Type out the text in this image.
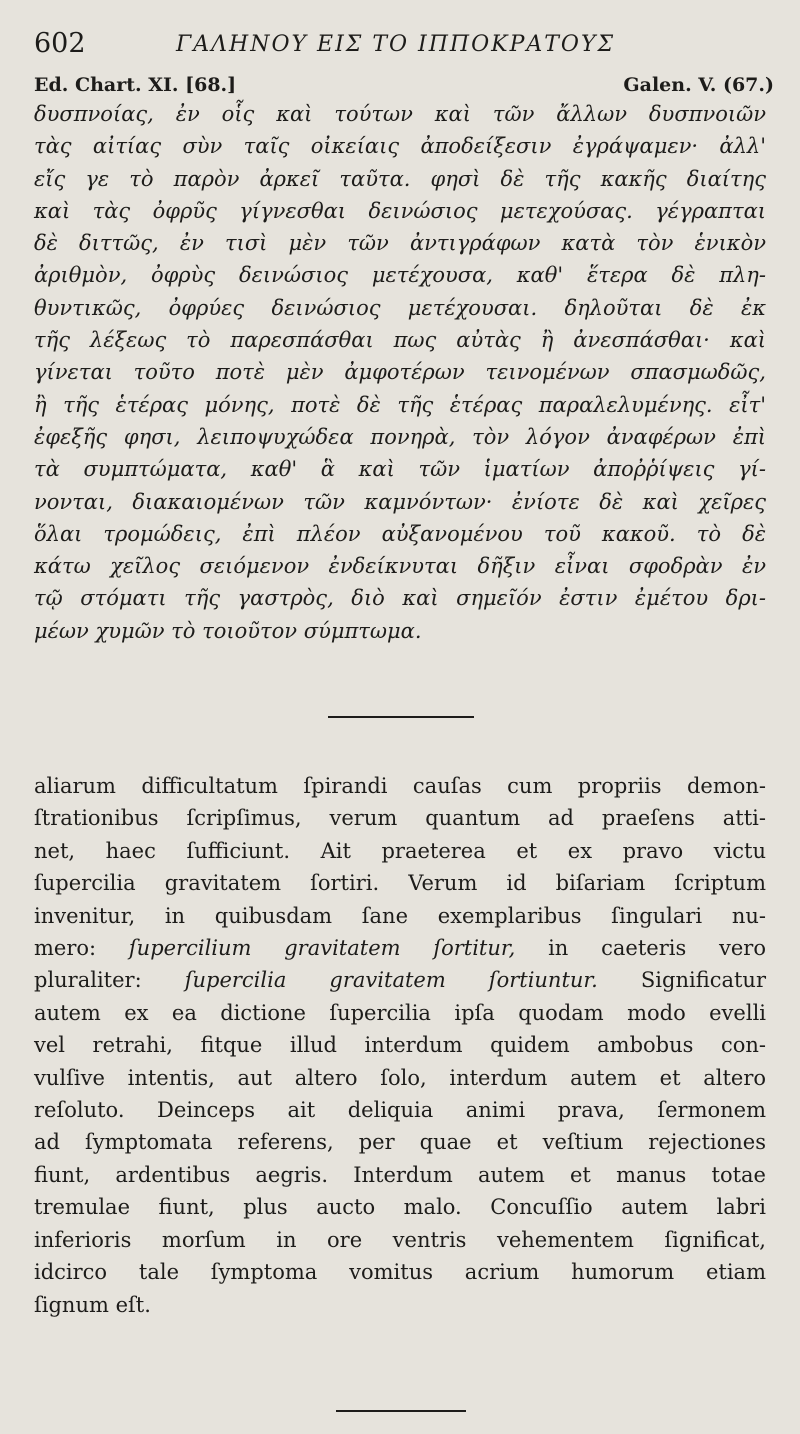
602	ΓΑΛΗΝΟΥ ΕΙΣ ΤΟ ΙΠΠΟΚΡΑΤΟΥΣ
Ed. Chart. XI. [68.]	Galen. V. (67.)
δυσπνοίας, ἐν οἷς καὶ τούτων καὶ τῶν ἄλλων δυσπνοιῶν
τὰς αἰτίας σὺν ταῖς οἰκείαις ἀποδείξεσιν ἐγράψαμεν· ἀλλ'
εἴς γε τὸ παρὸν ἀρκεῖ ταῦτα. φησὶ δὲ τῆς κακῆς διαίτης
καὶ τὰς ὀφρῦς γίγνεσθαι δεινώσιος μετεχούσας. γέγραπται
δὲ διττῶς, ἐν τισὶ μὲν τῶν ἀντιγράφων κατὰ τὸν ἑνικὸν
ἀριθμὸν, ὀφρὺς δεινώσιος μετέχουσα, καθ' ἕτερα δὲ πλη-
θυντικῶς, ὀφρύες δεινώσιος μετέχουσαι. δηλοῦται δὲ ἐκ
τῆς λέξεως τὸ παρεσπάσθαι πως αὐτὰς ἢ ἀνεσπάσθαι· καὶ
γίνεται τοῦτο ποτὲ μὲν ἀμφοτέρων τεινομένων σπασμωδῶς,
ἢ τῆς ἑτέρας μόνης, ποτὲ δὲ τῆς ἑτέρας παραλελυμένης. εἶτ'
ἐφεξῆς φησι, λειποψυχώδεα πονηρὰ, τὸν λόγον ἀναφέρων ἐπὶ
τὰ συμπτώματα, καθ' ἃ καὶ τῶν ἱματίων ἀποῤῥίψεις γί-
νονται, διακαιομένων τῶν καμνόντων· ἐνίοτε δὲ καὶ χεῖρες
ὅλαι τρομώδεις, ἐπὶ πλέον αὐξανομένου τοῦ κακοῦ. τὸ δὲ
κάτω χεῖλος σειόμενον ἐνδείκνυται δῆξιν εἶναι σφοδρὰν ἐν
τῷ στόματι τῆς γαστρὸς, διὸ καὶ σημεῖόν ἐστιν ἐμέτου δρι-
μέων χυμῶν τὸ τοιοῦτον σύμπτωμα.
aliarum difficultatum ſpirandi cauſas cum propriis demon-
ſtrationibus ſcripſimus, verum quantum ad praeſens atti-
net, haec ſufficiunt. Ait praeterea et ex pravo victu
ſupercilia gravitatem ſortiri. Verum id biſariam ſcriptum
invenitur, in quibusdam ſane exemplaribus ſingulari nu-
mero: ſupercilium gravitatem ſortitur, in caeteris vero
pluraliter: ſupercilia gravitatem ſortiuntur. Significatur
autem ex ea dictione ſupercilia ipſa quodam modo evelli
vel retrahi, fitque illud interdum quidem ambobus con-
vulſive intentis, aut altero ſolo, interdum autem et altero
reſoluto. Deinceps ait deliquia animi prava, ſermonem
ad ſymptomata referens, per quae et veſtium rejectiones
fiunt, ardentibus aegris. Interdum autem et manus totae
tremulae fiunt, plus aucto malo. Concuſſio autem labri
inferioris morſum in ore ventris vehementem ſignificat,
idcirco tale ſymptoma vomitus acrium humorum etiam
ſignum eſt.
